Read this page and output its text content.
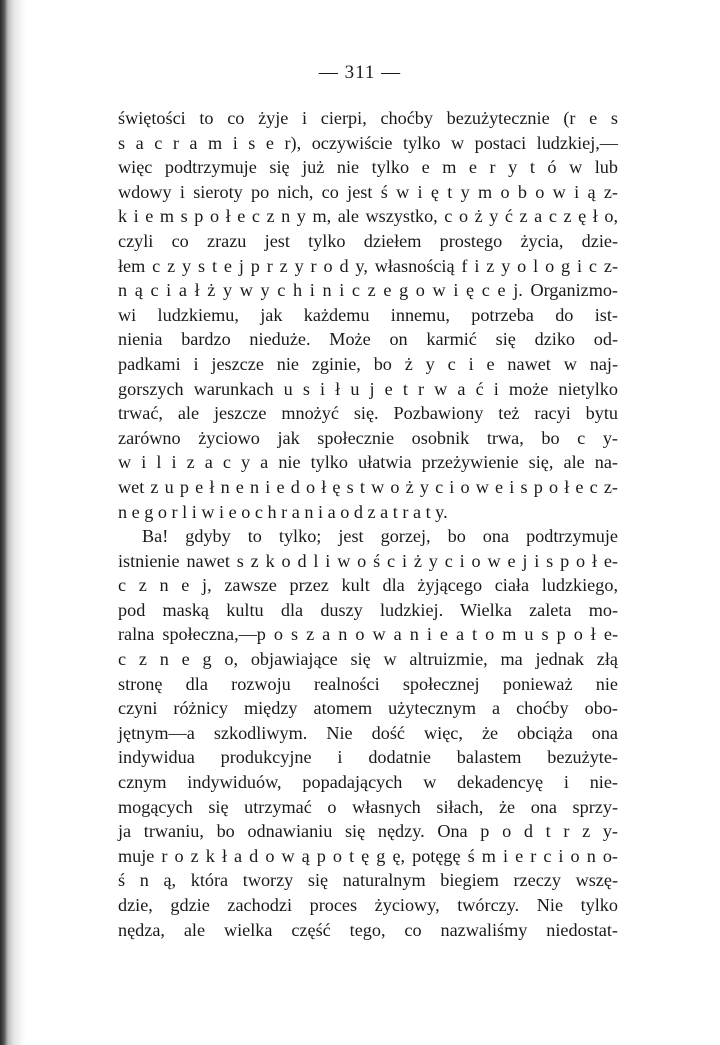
— 311 —
świętości to co żyje i cierpi, choćby bezużytecznie (r e s
s a c r a m i s e r), oczywiście tylko w postaci ludzkiej,—
więc podtrzymuje się już nie tylko e m e r y t ó w lub
wdowy i sieroty po nich, co jest ś w i ę t y m o b o w i ą z-
k i e m s p o ł e c z n y m, ale wszystko, c o ż y ć z a c z ę ł o,
czyli co zrazu jest tylko dziełem prostego życia, dzie-
łem c z y s t e j p r z y r o d y, własnością f i z y o l o g i c z-
n ą c i a ł ż y w y c h i n i c z e g o w i ę c e j. Organizmo-
wi ludzkiemu, jak każdemu innemu, potrzeba do ist-
nienia bardzo nieduże. Może on karmić się dziko od-
padkami i jeszcze nie zginie, bo ż y c i e nawet w naj-
gorszych warunkach u s i ł u j e t r w a ć i może nietylko
trwać, ale jeszcze mnożyć się. Pozbawiony też racyi bytu
zarówno życiowo jak społecznie osobnik trwa, bo c y-
w i l i z a c y a nie tylko ułatwia przeżywienie się, ale na-
wet z u p e ł n e n i e d o ł ę s t w o ż y c i o w e i s p o ł e c z-
n e g o r l i w i e o c h r a n i a o d z a t r a t y.
Ba! gdyby to tylko; jest gorzej, bo ona podtrzymuje
istnienie nawet s z k o d l i w o ś c i ż y c i o w e j i s p o ł e-
c z n e j, zawsze przez kult dla żyjącego ciała ludzkiego,
pod maską kultu dla duszy ludzkiej. Wielka zaleta mo-
ralna społeczna,—p o s z a n o w a n i e a t o m u s p o ł e-
c z n e g o, objawiające się w altruizmie, ma jednak złą
stronę dla rozwoju realności społecznej ponieważ nie
czyni różnicy między atomem użytecznym a choćby obo-
jętnym—a szkodliwym. Nie dość więc, że obciąża ona
indywidua produkcyjne i dodatnie balastem bezużyte-
cznym indywiduów, popadających w dekadencyę i nie-
mogących się utrzymać o własnych siłach, że ona sprzy-
ja trwaniu, bo odnawianiu się nędzy. Ona p o d t r z y-
muje r o z k ł a d o w ą p o t ę g ę, potęgę ś m i e r c i o n o-
ś n ą, która tworzy się naturalnym biegiem rzeczy wszę-
dzie, gdzie zachodzi proces życiowy, twórczy. Nie tylko
nędza, ale wielka część tego, co nazwaliśmy niedostat-
